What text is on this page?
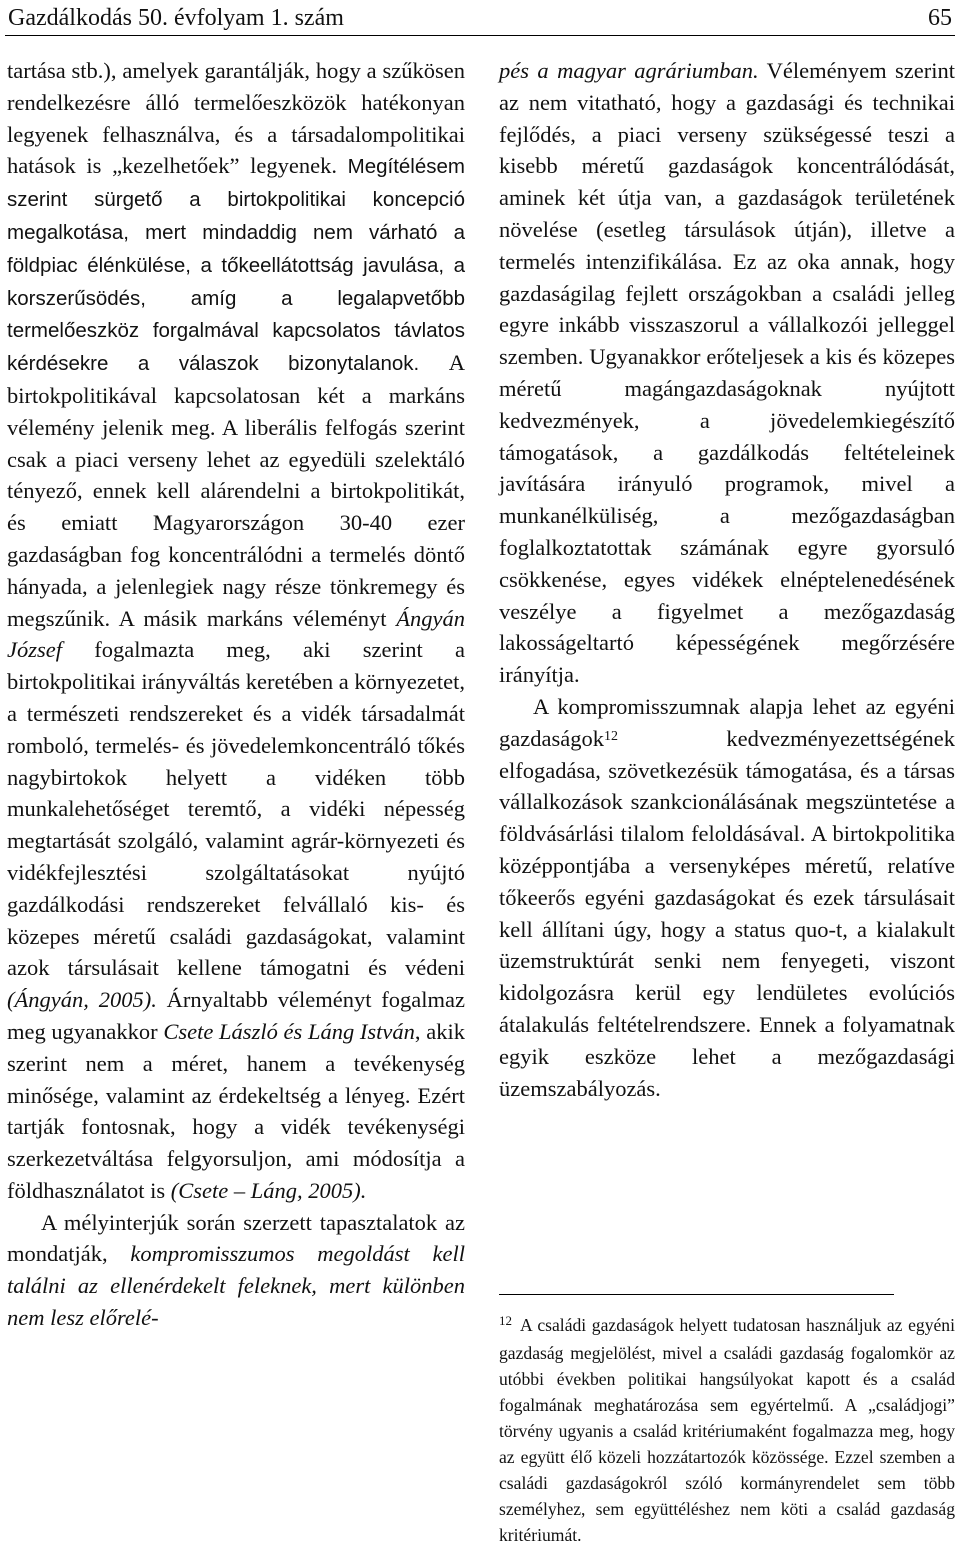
Gazdálkodás 50. évfolyam 1. szám	65

tartása stb.), amelyek garantálják, hogy a szűkösen rendelkezésre álló termelőeszközök hatékonyan legyenek felhasználva, és a társadalompolitikai hatások is „kezelhetőek” legyenek. Megítélésem szerint sürgető a birtokpolitikai koncepció megalkotása, mert mindaddig nem várható a földpiac élénkülése, a tőkeellátottság javulása, a korszerűsödés, amíg a legalapvetőbb termelőeszköz forgalmával kapcsolatos távlatos kérdésekre a válaszok bizonytalanok. A birtokpolitikával kapcsolatosan két a markáns vélemény jelenik meg. A liberális felfogás szerint csak a piaci verseny lehet az egyedüli szelektáló tényező, ennek kell alárendelni a birtokpolitikát, és emiatt Magyarországon 30-40 ezer gazdaságban fog koncentrálódni a termelés döntő hányada, a jelenlegiek nagy része tönkremegy és megszűnik. A másik markáns véleményt Ángyán József fogalmazta meg, aki szerint a birtokpolitikai irányváltás keretében a környezetet, a természeti rendszereket és a vidék társadalmát romboló, termelés- és jövedelemkoncentráló tőkés nagybirtokok helyett a vidéken több munkalehetőséget teremtő, a vidéki népesség megtartását szolgáló, valamint agrár-környezeti és vidékfejlesztési szolgáltatásokat nyújtó gazdálkodási rendszereket felvállaló kis- és közepes méretű családi gazdaságokat, valamint azok társulásait kellene támogatni és védeni (Ángyán, 2005). Árnyaltabb véleményt fogalmaz meg ugyanakkor Csete László és Láng István, akik szerint nem a méret, hanem a tevékenység minősége, valamint az érdekeltség a lényeg. Ezért tartják fontosnak, hogy a vidék tevékenységi szerkezetváltása felgyorsuljon, ami módosítja a földhasználatot is (Csete – Láng, 2005).

A mélyinterjúk során szerzett tapasztalatok az mondatják, kompromisszumos megoldást kell találni az ellenérdekelt feleknek, mert különben nem lesz előrelé-

pés a magyar agráriumban. Véleményem szerint az nem vitatható, hogy a gazdasági és technikai fejlődés, a piaci verseny szükségessé teszi a kisebb méretű gazdaságok koncentrálódását, aminek két útja van, a gazdaságok területének növelése (esetleg társulások útján), illetve a termelés intenzifikálása. Ez az oka annak, hogy gazdaságilag fejlett országokban a családi jelleg egyre inkább visszaszorul a vállalkozói jelleggel szemben. Ugyanakkor erőteljesek a kis és közepes méretű magángazdaságoknak nyújtott kedvezmények, a jövedelemkiegészítő támogatások, a gazdálkodás feltételeinek javítására irányuló programok, mivel a munkanélküliség, a mezőgazdaságban foglalkoztatottak számának egyre gyorsuló csökkenése, egyes vidékek elnéptelenedésének veszélye a figyelmet a mezőgazdaság lakosságeltartó képességének megőrzésére irányítja.

A kompromisszumnak alapja lehet az egyéni gazdaságok$^{12}$ kedvezményezettségének elfogadása, szövetkezésük támogatása, és a társas vállalkozások szankcionálásának megszüntetése a földvásárlási tilalom feloldásával. A birtokpolitika középpontjába a versenyképes méretű, relatíve tőkeerős egyéni gazdaságokat és ezek társulásait kell állítani úgy, hogy a status quo-t, a kialakult üzemstruktúrát senki nem fenyegeti, viszont kidolgozásra kerül egy lendületes evolúciós átalakulás feltételrendszere. Ennek a folyamatnak egyik eszköze lehet a mezőgazdasági üzemszabályozás.

$^{12}$ A családi gazdaságok helyett tudatosan használjuk az egyéni gazdaság megjelölést, mivel a családi gazdaság fogalomkör az utóbbi években politikai hangsúlyokat kapott és a család fogalmának meghatározása sem egyértelmű. A „családjogi” törvény ugyanis a család kritériumaként fogalmazza meg, hogy az együtt élő közeli hozzátartozók közössége. Ezzel szemben a családi gazdaságokról szóló kormányrendelet sem több személyhez, sem együttéléshez nem köti a család gazdaság kritériumát.
